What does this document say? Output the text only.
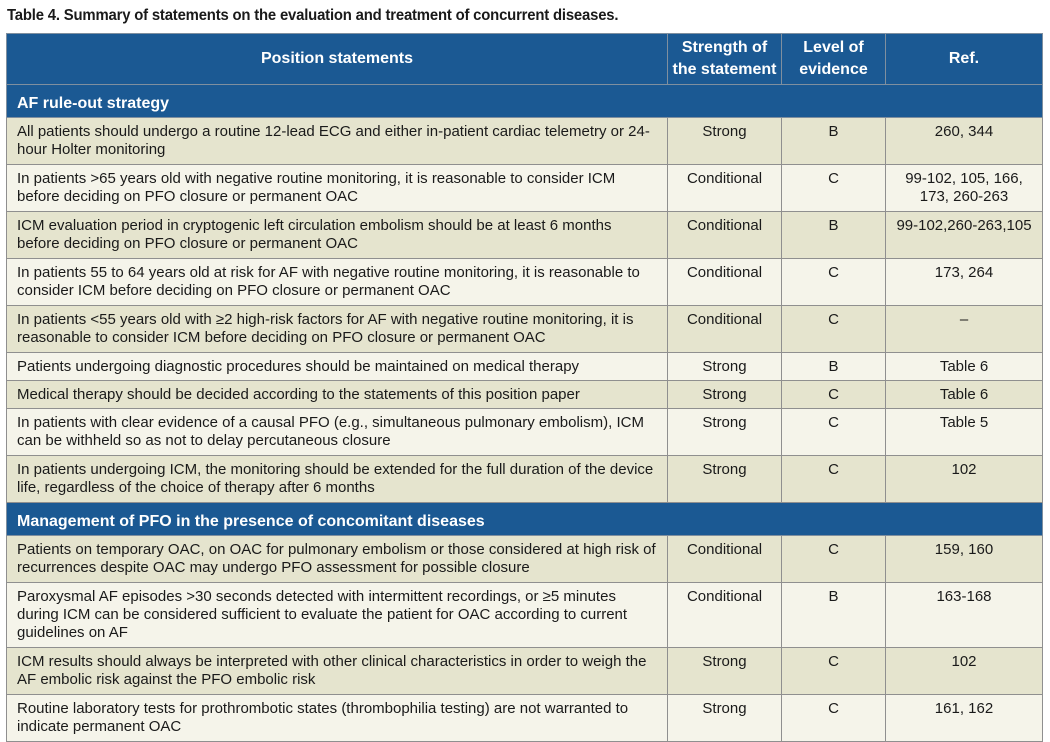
Table 4. Summary of statements on the evaluation and treatment of concurrent diseases.
Position statements	Strength of the statement	Level of evidence	Ref.
AF rule-out strategy			
All patients should undergo a routine 12-lead ECG and either in-patient cardiac telemetry or 24-hour Holter monitoring	Strong	B	260, 344
In patients >65 years old with negative routine monitoring, it is reasonable to consider ICM before deciding on PFO closure or permanent OAC	Conditional	C	99-102, 105, 166, 173, 260-263
ICM evaluation period in cryptogenic left circulation embolism should be at least 6 months before deciding on PFO closure or permanent OAC	Conditional	B	99-102,260-263,105
In patients 55 to 64 years old at risk for AF with negative routine monitoring, it is reasonable to consider ICM before deciding on PFO closure or permanent OAC	Conditional	C	173, 264
In patients <55 years old with ≥2 high-risk factors for AF with negative routine monitoring, it is reasonable to consider ICM before deciding on PFO closure or permanent OAC	Conditional	C	–
Patients undergoing diagnostic procedures should be maintained on medical therapy	Strong	B	Table 6
Medical therapy should be decided according to the statements of this position paper	Strong	C	Table 6
In patients with clear evidence of a causal PFO (e.g., simultaneous pulmonary embolism), ICM can be withheld so as not to delay percutaneous closure	Strong	C	Table 5
In patients undergoing ICM, the monitoring should be extended for the full duration of the device life, regardless of the choice of therapy after 6 months	Strong	C	102
Management of PFO in the presence of concomitant diseases			
Patients on temporary OAC, on OAC for pulmonary embolism or those considered at high risk of recurrences despite OAC may undergo PFO assessment for possible closure	Conditional	C	159, 160
Paroxysmal AF episodes >30 seconds detected with intermittent recordings, or ≥5 minutes during ICM can be considered sufficient to evaluate the patient for OAC according to current guidelines on AF	Conditional	B	163-168
ICM results should always be interpreted with other clinical characteristics in order to weigh the AF embolic risk against the PFO embolic risk	Strong	C	102
Routine laboratory tests for prothrombotic states (thrombophilia testing) are not warranted to indicate permanent OAC	Strong	C	161, 162
